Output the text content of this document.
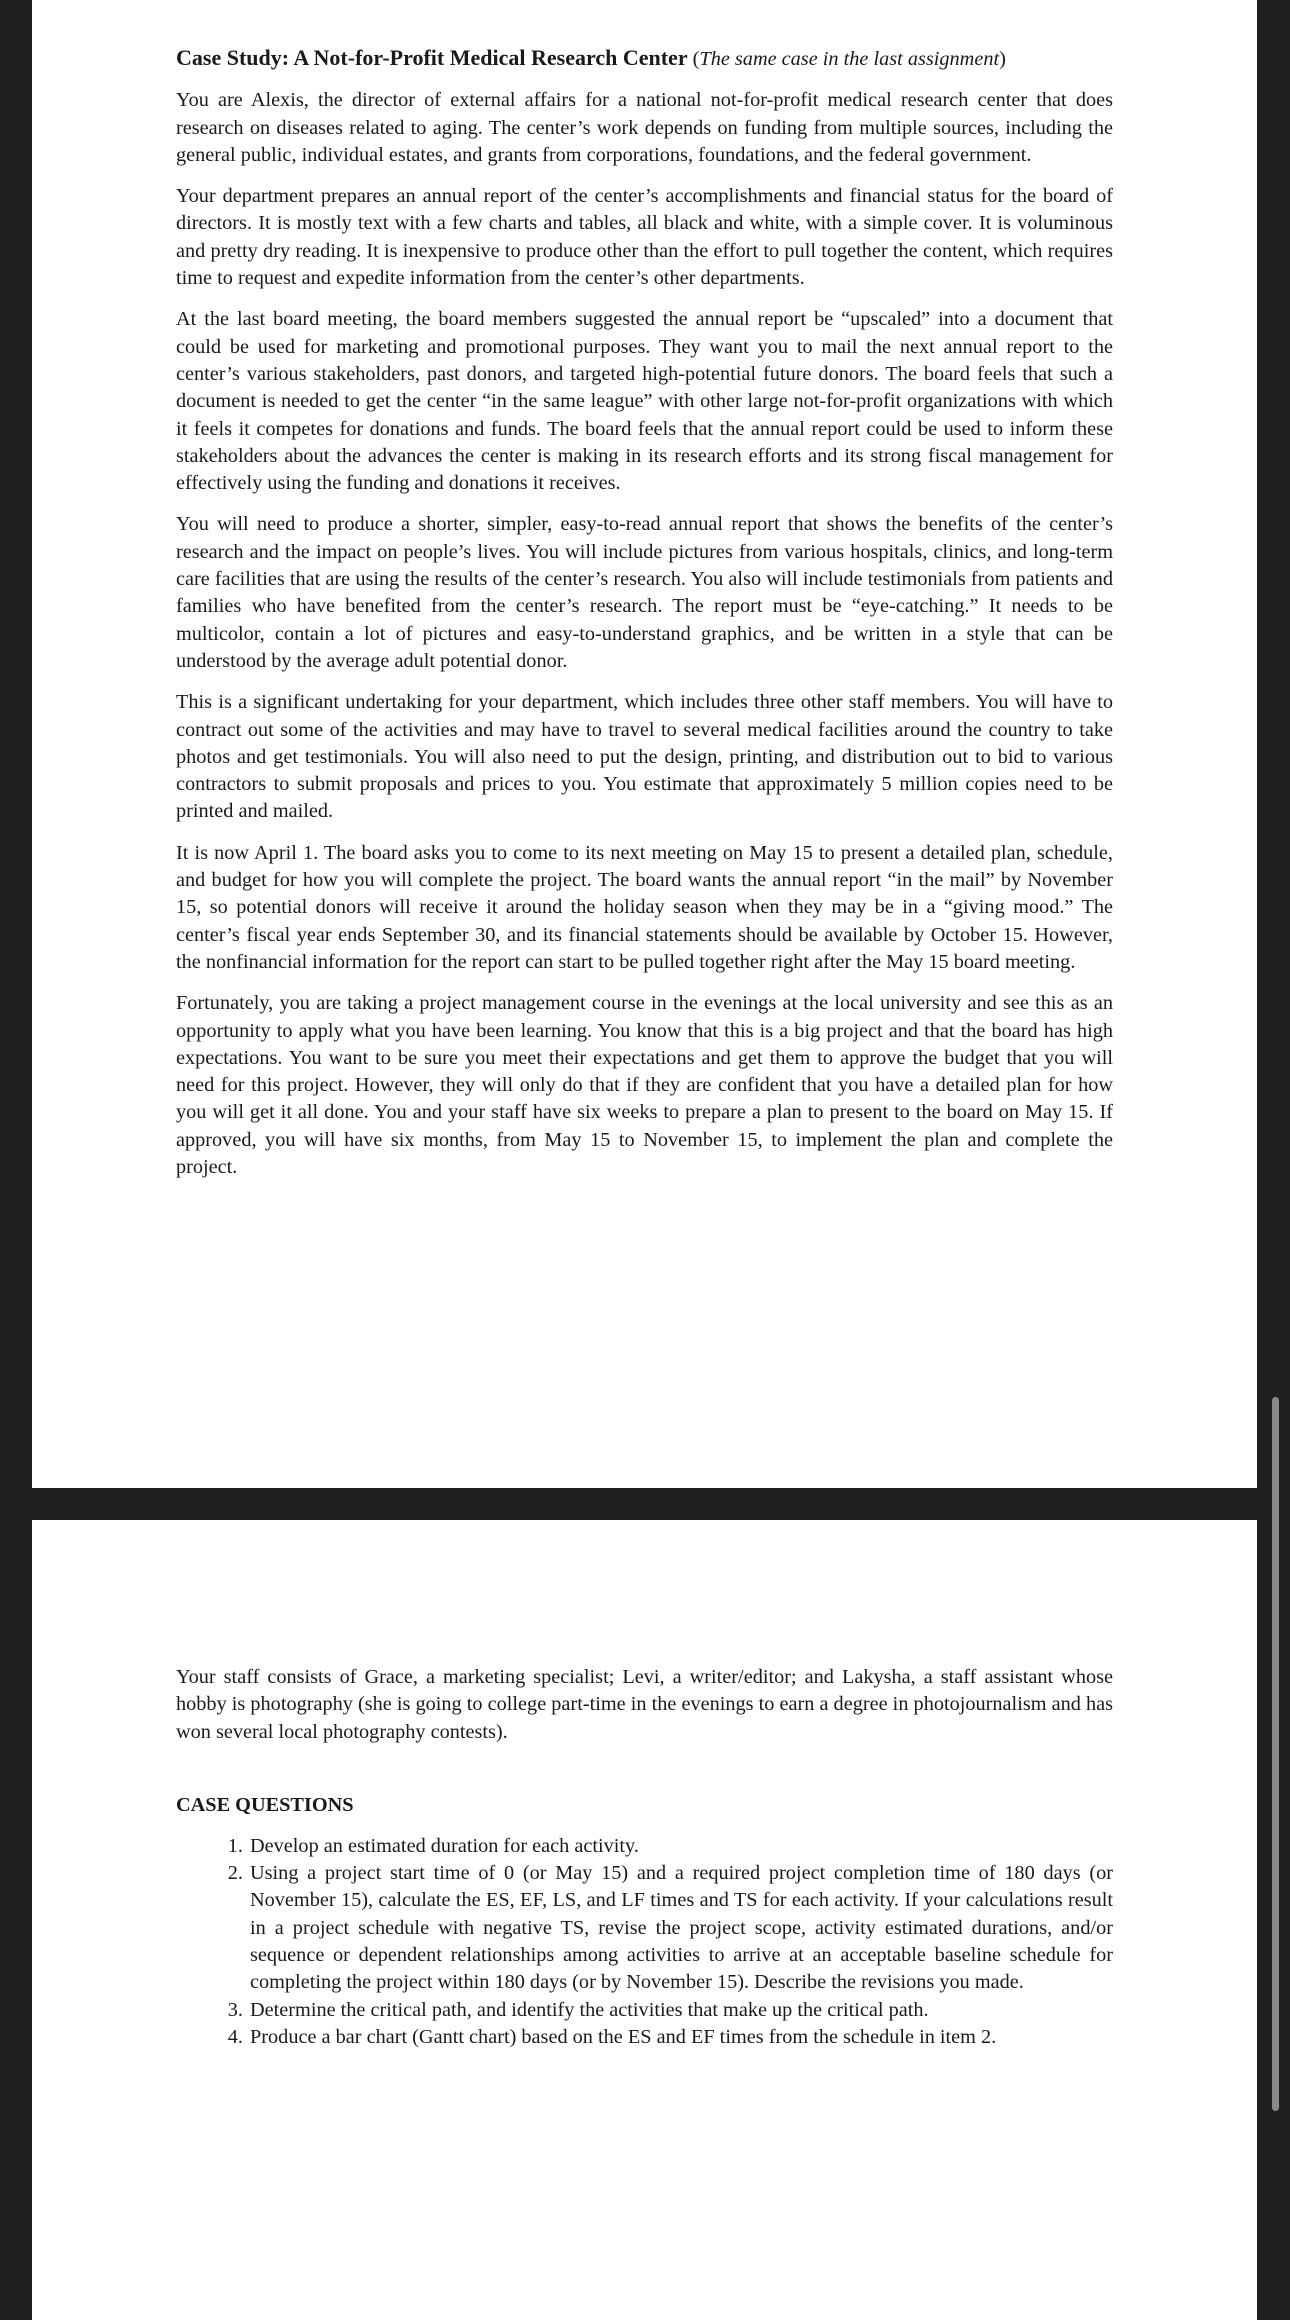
Case Study: A Not-for-Profit Medical Research Center (The same case in the last assignment)

You are Alexis, the director of external affairs for a national not-for-profit medical research center that does research on diseases related to aging. The center’s work depends on funding from multiple sources, including the general public, individual estates, and grants from corporations, foundations, and the federal government.

Your department prepares an annual report of the center’s accomplishments and financial status for the board of directors. It is mostly text with a few charts and tables, all black and white, with a simple cover. It is voluminous and pretty dry reading. It is inexpensive to produce other than the effort to pull together the content, which requires time to request and expedite information from the center’s other departments.

At the last board meeting, the board members suggested the annual report be “upscaled” into a document that could be used for marketing and promotional purposes. They want you to mail the next annual report to the center’s various stakeholders, past donors, and targeted high-potential future donors. The board feels that such a document is needed to get the center “in the same league” with other large not-for-profit organizations with which it feels it competes for donations and funds. The board feels that the annual report could be used to inform these stakeholders about the advances the center is making in its research efforts and its strong fiscal management for effectively using the funding and donations it receives.

You will need to produce a shorter, simpler, easy-to-read annual report that shows the benefits of the center’s research and the impact on people’s lives. You will include pictures from various hospitals, clinics, and long-term care facilities that are using the results of the center’s research. You also will include testimonials from patients and families who have benefited from the center’s research. The report must be “eye-catching.” It needs to be multicolor, contain a lot of pictures and easy-to-understand graphics, and be written in a style that can be understood by the average adult potential donor.

This is a significant undertaking for your department, which includes three other staff members. You will have to contract out some of the activities and may have to travel to several medical facilities around the country to take photos and get testimonials. You will also need to put the design, printing, and distribution out to bid to various contractors to submit proposals and prices to you. You estimate that approximately 5 million copies need to be printed and mailed.

It is now April 1. The board asks you to come to its next meeting on May 15 to present a detailed plan, schedule, and budget for how you will complete the project. The board wants the annual report “in the mail” by November 15, so potential donors will receive it around the holiday season when they may be in a “giving mood.” The center’s fiscal year ends September 30, and its financial statements should be available by October 15. However, the nonfinancial information for the report can start to be pulled together right after the May 15 board meeting.

Fortunately, you are taking a project management course in the evenings at the local university and see this as an opportunity to apply what you have been learning. You know that this is a big project and that the board has high expectations. You want to be sure you meet their expectations and get them to approve the budget that you will need for this project. However, they will only do that if they are confident that you have a detailed plan for how you will get it all done. You and your staff have six weeks to prepare a plan to present to the board on May 15. If approved, you will have six months, from May 15 to November 15, to implement the plan and complete the project.

Your staff consists of Grace, a marketing specialist; Levi, a writer/editor; and Lakysha, a staff assistant whose hobby is photography (she is going to college part-time in the evenings to earn a degree in photojournalism and has won several local photography contests).

CASE QUESTIONS
1. Develop an estimated duration for each activity.
2. Using a project start time of 0 (or May 15) and a required project completion time of 180 days (or November 15), calculate the ES, EF, LS, and LF times and TS for each activity. If your calculations result in a project schedule with negative TS, revise the project scope, activity estimated durations, and/or sequence or dependent relationships among activities to arrive at an acceptable baseline schedule for completing the project within 180 days (or by November 15). Describe the revisions you made.
3. Determine the critical path, and identify the activities that make up the critical path.
4. Produce a bar chart (Gantt chart) based on the ES and EF times from the schedule in item 2.
